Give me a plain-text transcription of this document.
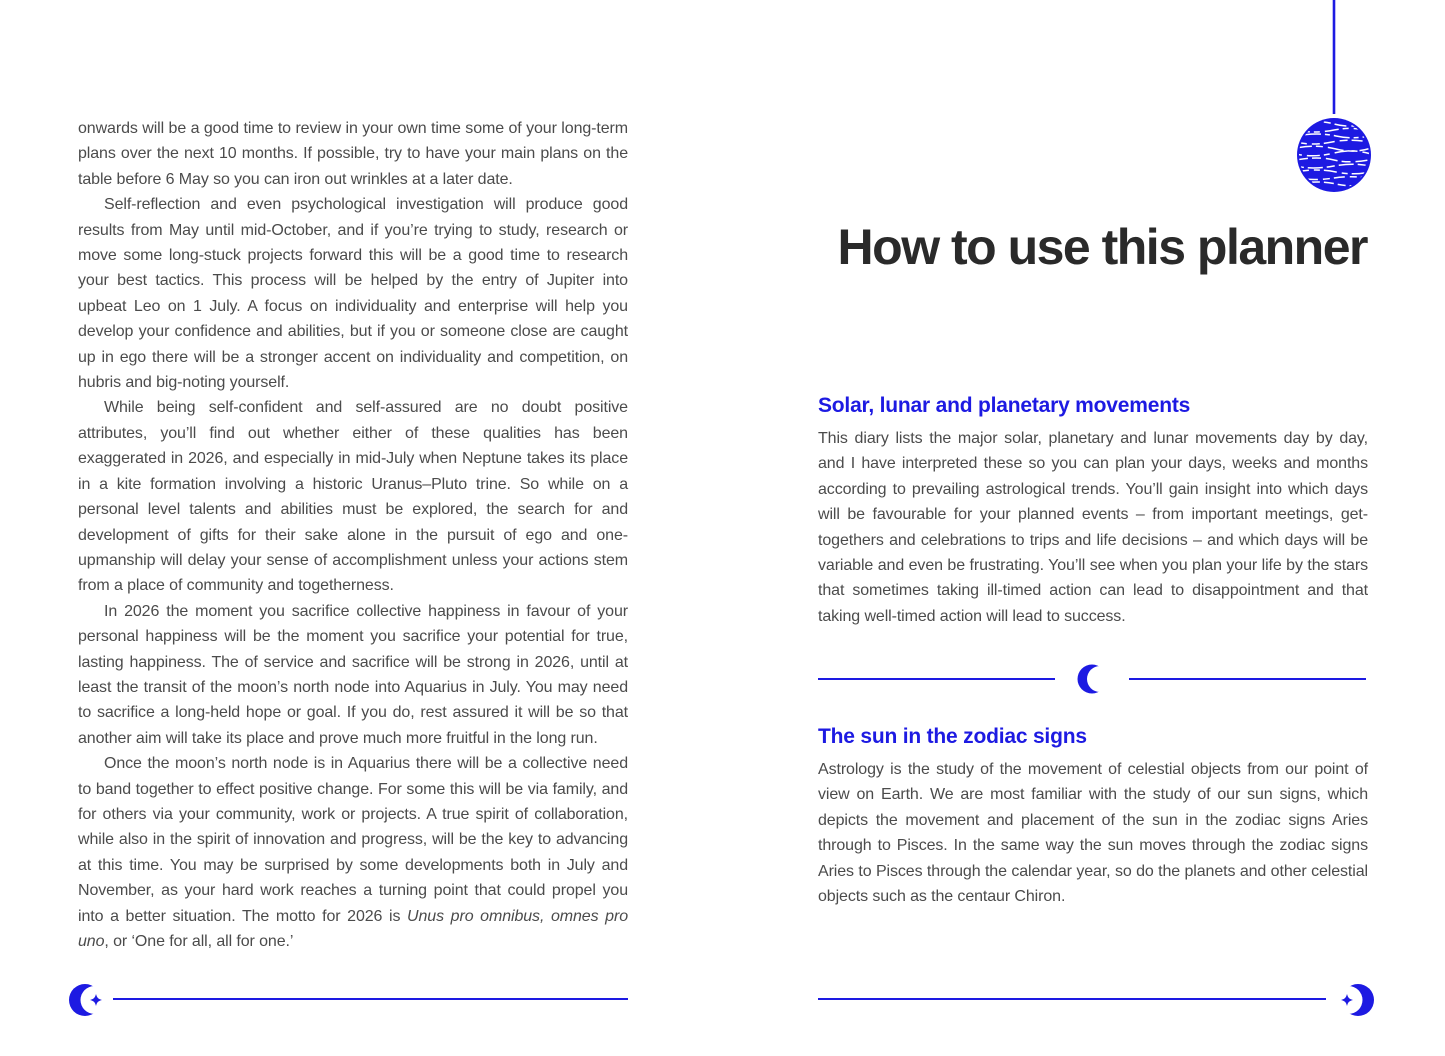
onwards will be a good time to review in your own time some of your long-term plans over the next 10 months. If possible, try to have your main plans on the table before 6 May so you can iron out wrinkles at a later date.

Self-reflection and even psychological investigation will produce good results from May until mid-October, and if you’re trying to study, research or move some long-stuck projects forward this will be a good time to research your best tactics. This process will be helped by the entry of Jupiter into upbeat Leo on 1 July. A focus on individuality and enterprise will help you develop your confidence and abilities, but if you or someone close are caught up in ego there will be a stronger accent on individuality and competition, on hubris and big-noting yourself.

While being self-confident and self-assured are no doubt positive attributes, you’ll find out whether either of these qualities has been exaggerated in 2026, and especially in mid-July when Neptune takes its place in a kite formation involving a historic Uranus–Pluto trine. So while on a personal level talents and abilities must be explored, the search for and development of gifts for their sake alone in the pursuit of ego and one-upmanship will delay your sense of accomplishment unless your actions stem from a place of community and togetherness.

In 2026 the moment you sacrifice collective happiness in favour of your personal happiness will be the moment you sacrifice your potential for true, lasting happiness. The of service and sacrifice will be strong in 2026, until at least the transit of the moon’s north node into Aquarius in July. You may need to sacrifice a long-held hope or goal. If you do, rest assured it will be so that another aim will take its place and prove much more fruitful in the long run.

Once the moon’s north node is in Aquarius there will be a collective need to band together to effect positive change. For some this will be via family, and for others via your community, work or projects. A true spirit of collaboration, while also in the spirit of innovation and progress, will be the key to advancing at this time. You may be surprised by some developments both in July and November, as your hard work reaches a turning point that could propel you into a better situation. The motto for 2026 is Unus pro omnibus, omnes pro uno, or ‘One for all, all for one.’

How to use this planner
Solar, lunar and planetary movements

This diary lists the major solar, planetary and lunar movements day by day, and I have interpreted these so you can plan your days, weeks and months according to prevailing astrological trends. You’ll gain insight into which days will be favourable for your planned events – from important meetings, get-togethers and celebrations to trips and life decisions – and which days will be variable and even be frustrating. You’ll see when you plan your life by the stars that sometimes taking ill-timed action can lead to disappointment and that taking well-timed action will lead to success.

The sun in the zodiac signs

Astrology is the study of the movement of celestial objects from our point of view on Earth. We are most familiar with the study of our sun signs, which depicts the movement and placement of the sun in the zodiac signs Aries through to Pisces. In the same way the sun moves through the zodiac signs Aries to Pisces through the calendar year, so do the planets and other celestial objects such as the centaur Chiron.
